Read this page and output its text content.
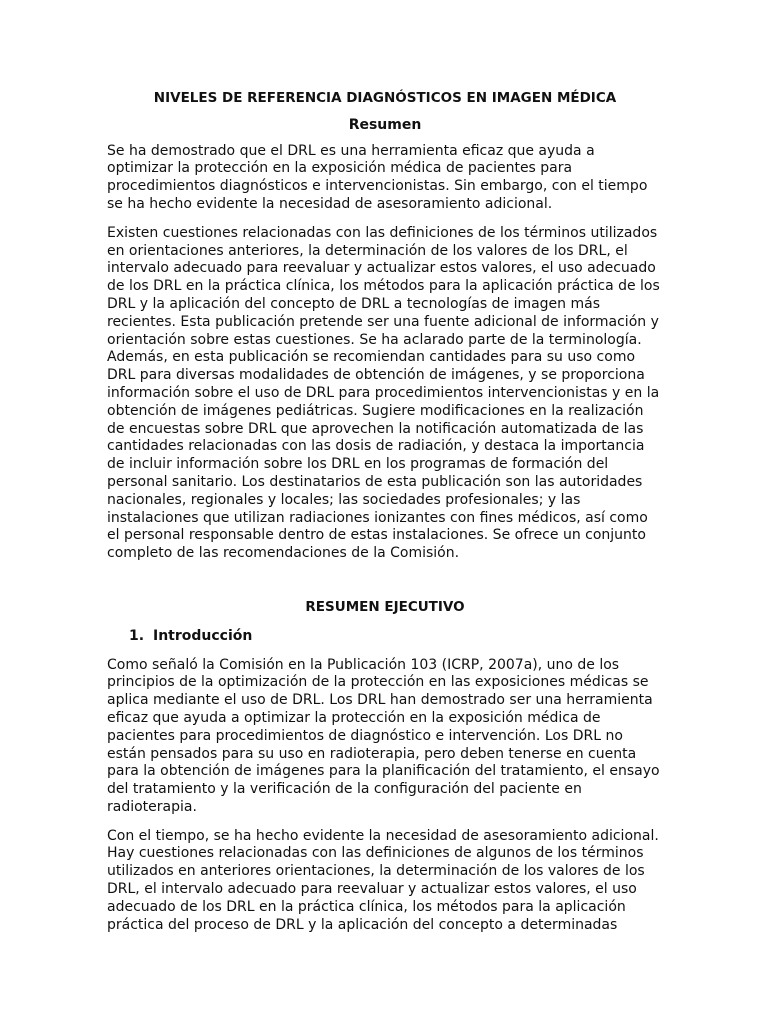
NIVELES DE REFERENCIA DIAGNÓSTICOS EN IMAGEN MÉDICA
Resumen

Se ha demostrado que el DRL es una herramienta eficaz que ayuda a optimizar la protección en la exposición médica de pacientes para procedimientos diagnósticos e intervencionistas. Sin embargo, con el tiempo se ha hecho evidente la necesidad de asesoramiento adicional.

Existen cuestiones relacionadas con las definiciones de los términos utilizados en orientaciones anteriores, la determinación de los valores de los DRL, el intervalo adecuado para reevaluar y actualizar estos valores, el uso adecuado de los DRL en la práctica clínica, los métodos para la aplicación práctica de los DRL y la aplicación del concepto de DRL a tecnologías de imagen más recientes. Esta publicación pretende ser una fuente adicional de información y orientación sobre estas cuestiones. Se ha aclarado parte de la terminología. Además, en esta publicación se recomiendan cantidades para su uso como DRL para diversas modalidades de obtención de imágenes, y se proporciona información sobre el uso de DRL para procedimientos intervencionistas y en la obtención de imágenes pediátricas. Sugiere modificaciones en la realización de encuestas sobre DRL que aprovechen la notificación automatizada de las cantidades relacionadas con las dosis de radiación, y destaca la importancia de incluir información sobre los DRL en los programas de formación del personal sanitario. Los destinatarios de esta publicación son las autoridades nacionales, regionales y locales; las sociedades profesionales; y las instalaciones que utilizan radiaciones ionizantes con fines médicos, así como el personal responsable dentro de estas instalaciones. Se ofrece un conjunto completo de las recomendaciones de la Comisión.

RESUMEN EJECUTIVO
1. Introducción

Como señaló la Comisión en la Publicación 103 (ICRP, 2007a), uno de los principios de la optimización de la protección en las exposiciones médicas se aplica mediante el uso de DRL. Los DRL han demostrado ser una herramienta eficaz que ayuda a optimizar la protección en la exposición médica de pacientes para procedimientos de diagnóstico e intervención. Los DRL no están pensados para su uso en radioterapia, pero deben tenerse en cuenta para la obtención de imágenes para la planificación del tratamiento, el ensayo del tratamiento y la verificación de la configuración del paciente en radioterapia.

Con el tiempo, se ha hecho evidente la necesidad de asesoramiento adicional. Hay cuestiones relacionadas con las definiciones de algunos de los términos utilizados en anteriores orientaciones, la determinación de los valores de los DRL, el intervalo adecuado para reevaluar y actualizar estos valores, el uso adecuado de los DRL en la práctica clínica, los métodos para la aplicación práctica del proceso de DRL y la aplicación del concepto a determinadas
